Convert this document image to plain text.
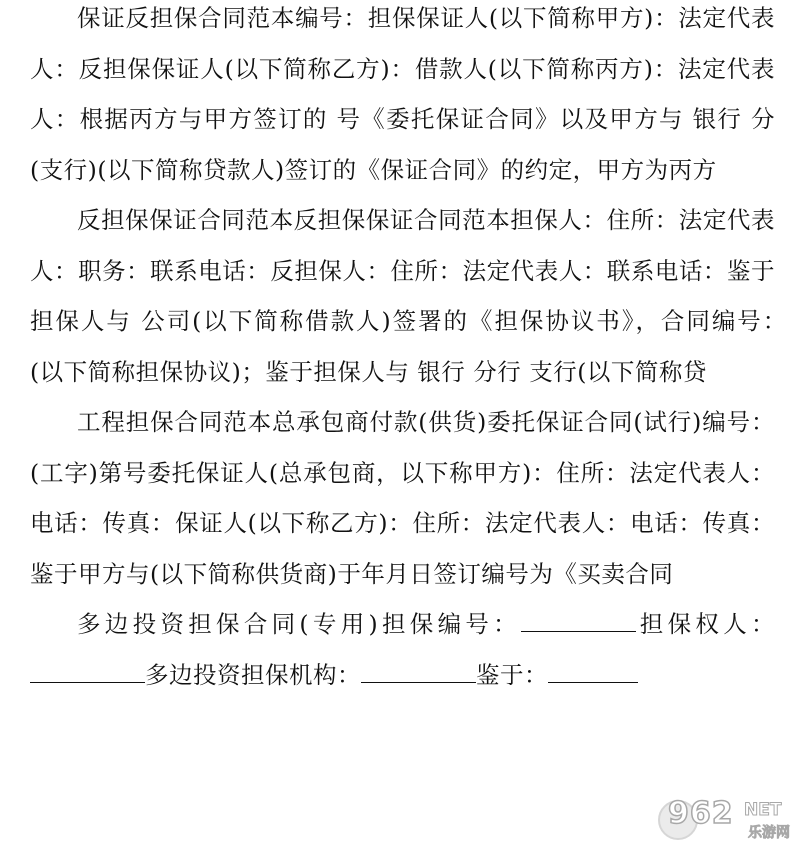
保证反担保合同范本编号：担保保证人(以下简称甲方)：法定代表人：反担保保证人(以下简称乙方)：借款人(以下简称丙方)：法定代表人：根据丙方与甲方签订的 号《委托保证合同》以及甲方与 银行 分(支行)(以下简称贷款人)签订的《保证合同》的约定，甲方为丙方

反担保保证合同范本反担保保证合同范本担保人：住所：法定代表人：职务：联系电话：反担保人：住所：法定代表人：联系电话：鉴于担保人与 公司(以下简称借款人)签署的《担保协议书》，合同编号：　(以下简称担保协议)；鉴于担保人与 银行 分行 支行(以下简称贷

工程担保合同范本总承包商付款(供货)委托保证合同(试行)编号：(工字)第号委托保证人(总承包商，以下称甲方)：住所：法定代表人：电话：传真：保证人(以下称乙方)：住所：法定代表人：电话：传真：鉴于甲方与(以下简称供货商)于年月日签订编号为《买卖合同

多边投资担保合同(专用)担保编号：	担保权人：多边投资担保机构：	鉴于：

962 NET
乐游网
